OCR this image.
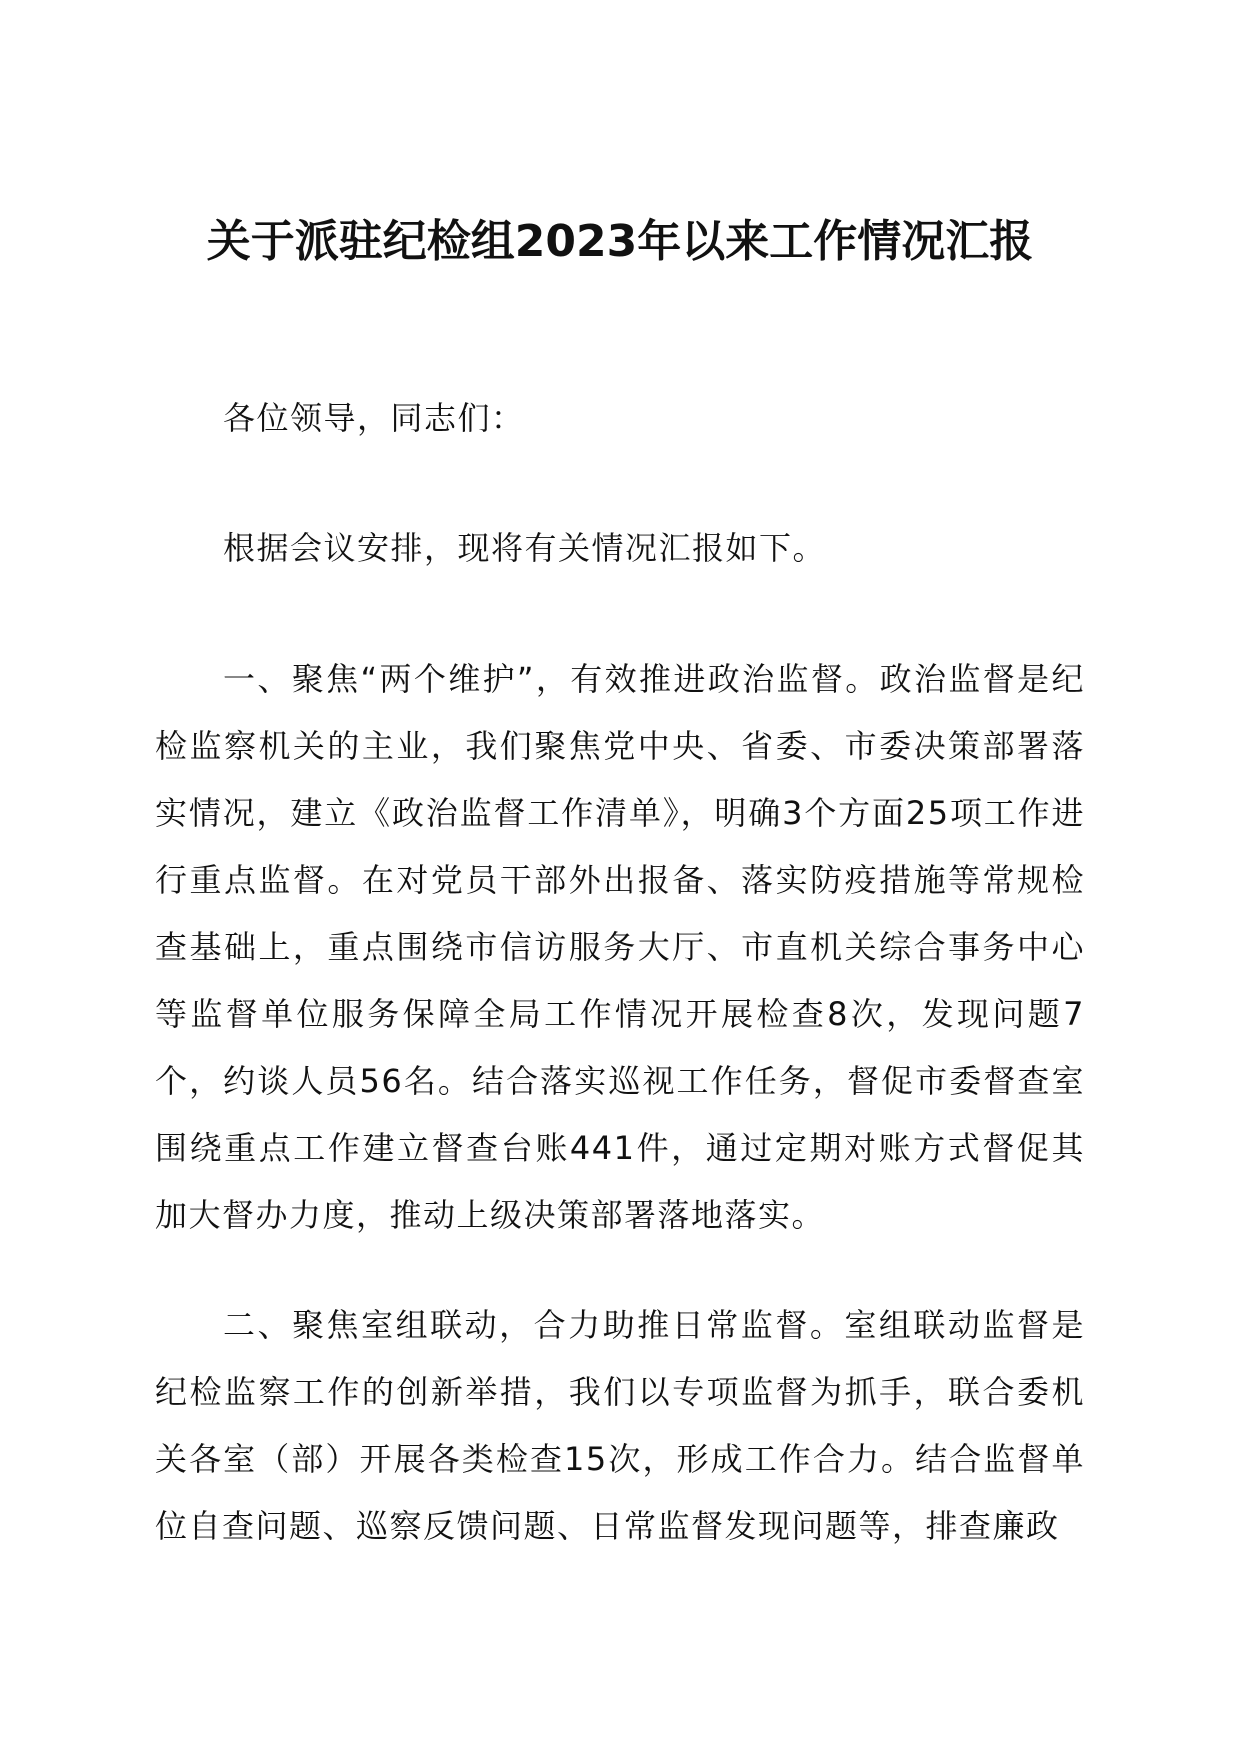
关于派驻纪检组2023年以来工作情况汇报

各位领导，同志们：

根据会议安排，现将有关情况汇报如下。

一、聚焦“两个维护”，有效推进政治监督。政治监督是纪检监察机关的主业，我们聚焦党中央、省委、市委决策部署落实情况，建立《政治监督工作清单》，明确3个方面25项工作进行重点监督。在对党员干部外出报备、落实防疫措施等常规检查基础上，重点围绕市信访服务大厅、市直机关综合事务中心等监督单位服务保障全局工作情况开展检查8次，发现问题7个，约谈人员56名。结合落实巡视工作任务，督促市委督查室围绕重点工作建立督查台账441件，通过定期对账方式督促其加大督办力度，推动上级决策部署落地落实。

二、聚焦室组联动，合力助推日常监督。室组联动监督是纪检监察工作的创新举措，我们以专项监督为抓手，联合委机关各室（部）开展各类检查15次，形成工作合力。结合监督单位自查问题、巡察反馈问题、日常监督发现问题等，排查廉政
